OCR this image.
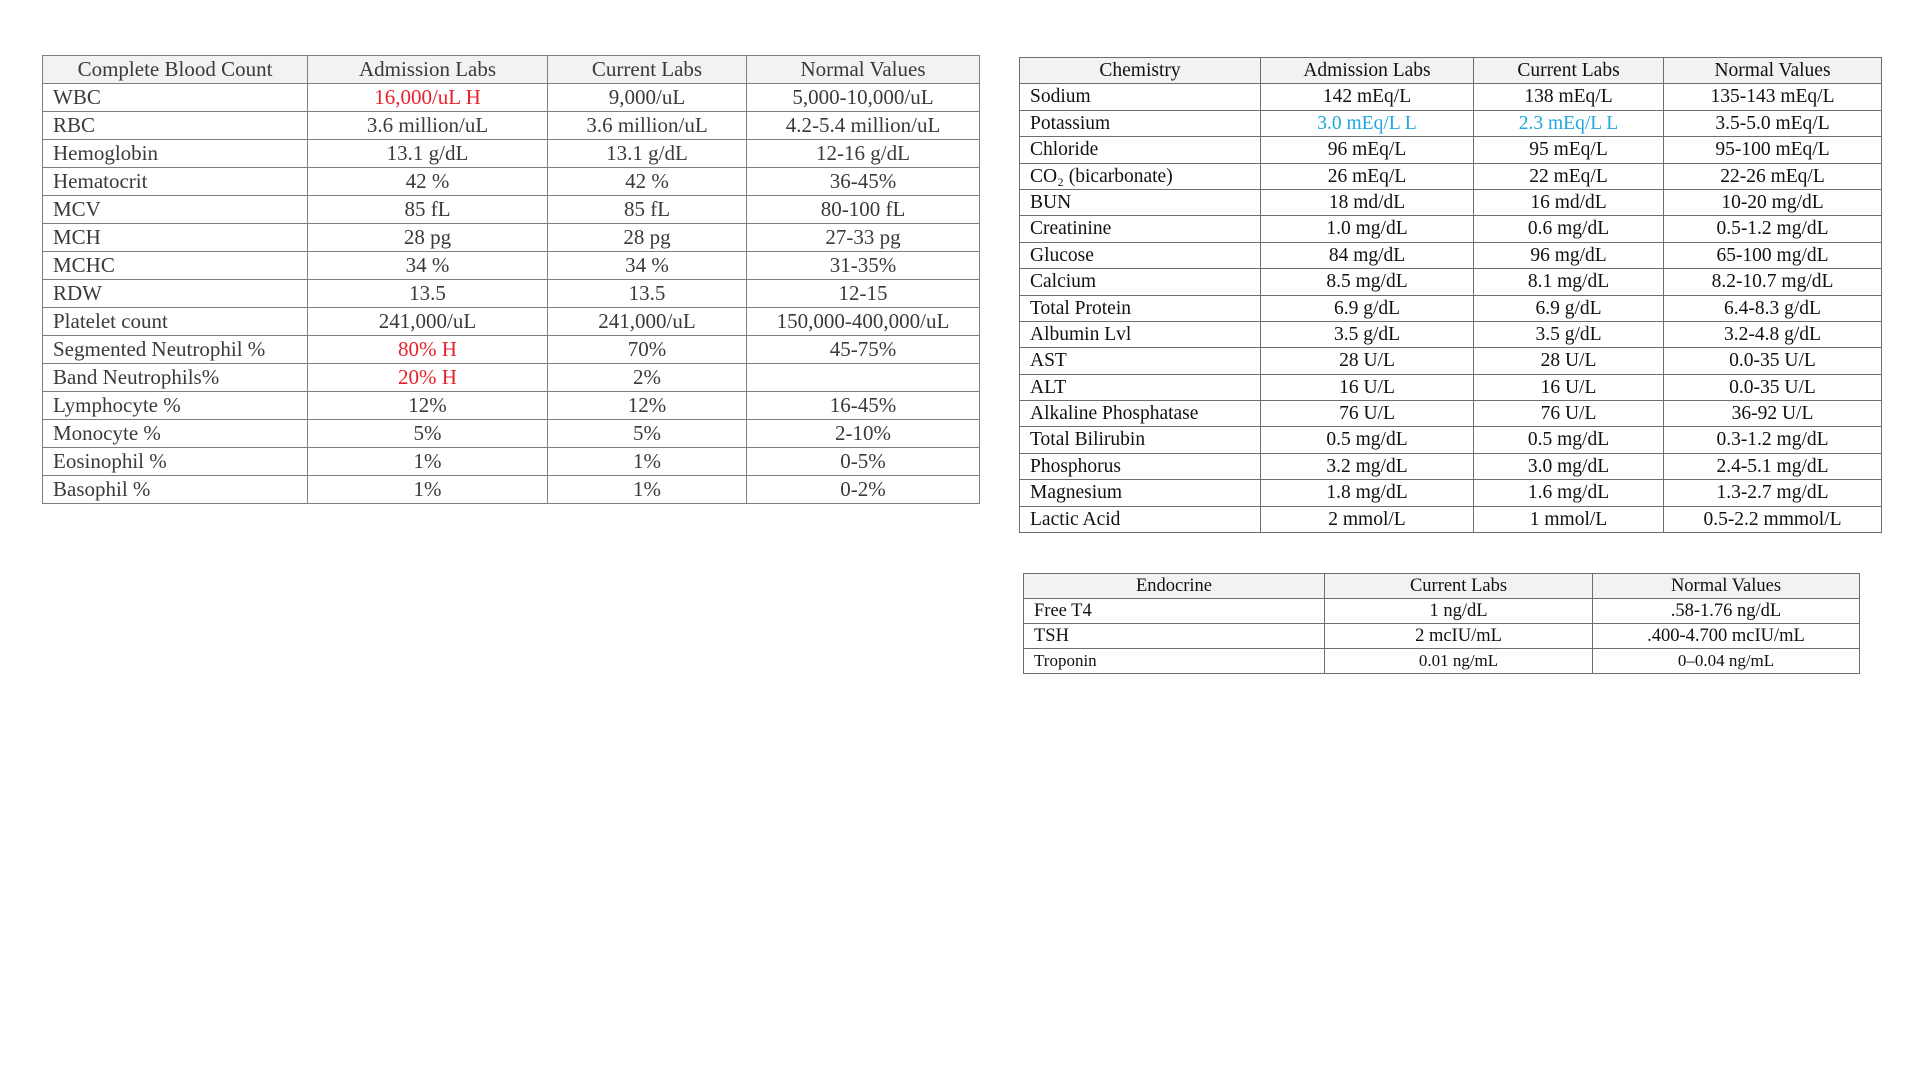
Complete Blood Count	Admission Labs	Current Labs	Normal Values
WBC	16,000/uL H	9,000/uL	5,000-10,000/uL
RBC	3.6 million/uL	3.6 million/uL	4.2-5.4 million/uL
Hemoglobin	13.1 g/dL	13.1 g/dL	12-16 g/dL
Hematocrit	42 %	42 %	36-45%
MCV	85 fL	85 fL	80-100 fL
MCH	28 pg	28 pg	27-33 pg
MCHC	34 %	34 %	31-35%
RDW	13.5	13.5	12-15
Platelet count	241,000/uL	241,000/uL	150,000-400,000/uL
Segmented Neutrophil %	80% H	70%	45-75%
Band Neutrophils%	20% H	2%	
Lymphocyte %	12%	12%	16-45%
Monocyte %	5%	5%	2-10%
Eosinophil %	1%	1%	0-5%
Basophil %	1%	1%	0-2%
Chemistry	Admission Labs	Current Labs	Normal Values
Sodium	142 mEq/L	138 mEq/L	135-143 mEq/L
Potassium	3.0 mEq/L L	2.3 mEq/L L	3.5-5.0 mEq/L
Chloride	96 mEq/L	95 mEq/L	95-100 mEq/L
CO₂ (bicarbonate)	26 mEq/L	22 mEq/L	22-26 mEq/L
BUN	18 md/dL	16 md/dL	10-20 mg/dL
Creatinine	1.0 mg/dL	0.6 mg/dL	0.5-1.2 mg/dL
Glucose	84 mg/dL	96 mg/dL	65-100 mg/dL
Calcium	8.5 mg/dL	8.1 mg/dL	8.2-10.7 mg/dL
Total Protein	6.9 g/dL	6.9 g/dL	6.4-8.3 g/dL
Albumin Lvl	3.5 g/dL	3.5 g/dL	3.2-4.8 g/dL
AST	28 U/L	28 U/L	0.0-35 U/L
ALT	16 U/L	16 U/L	0.0-35 U/L
Alkaline Phosphatase	76 U/L	76 U/L	36-92 U/L
Total Bilirubin	0.5 mg/dL	0.5 mg/dL	0.3-1.2 mg/dL
Phosphorus	3.2 mg/dL	3.0 mg/dL	2.4-5.1 mg/dL
Magnesium	1.8 mg/dL	1.6 mg/dL	1.3-2.7 mg/dL
Lactic Acid	2 mmol/L	1 mmol/L	0.5-2.2 mmmol/L
Endocrine	Current Labs	Normal Values
Free T4	1 ng/dL	.58-1.76 ng/dL
TSH	2 mcIU/mL	.400-4.700 mcIU/mL
Troponin	0.01 ng/mL	0–0.04 ng/mL
